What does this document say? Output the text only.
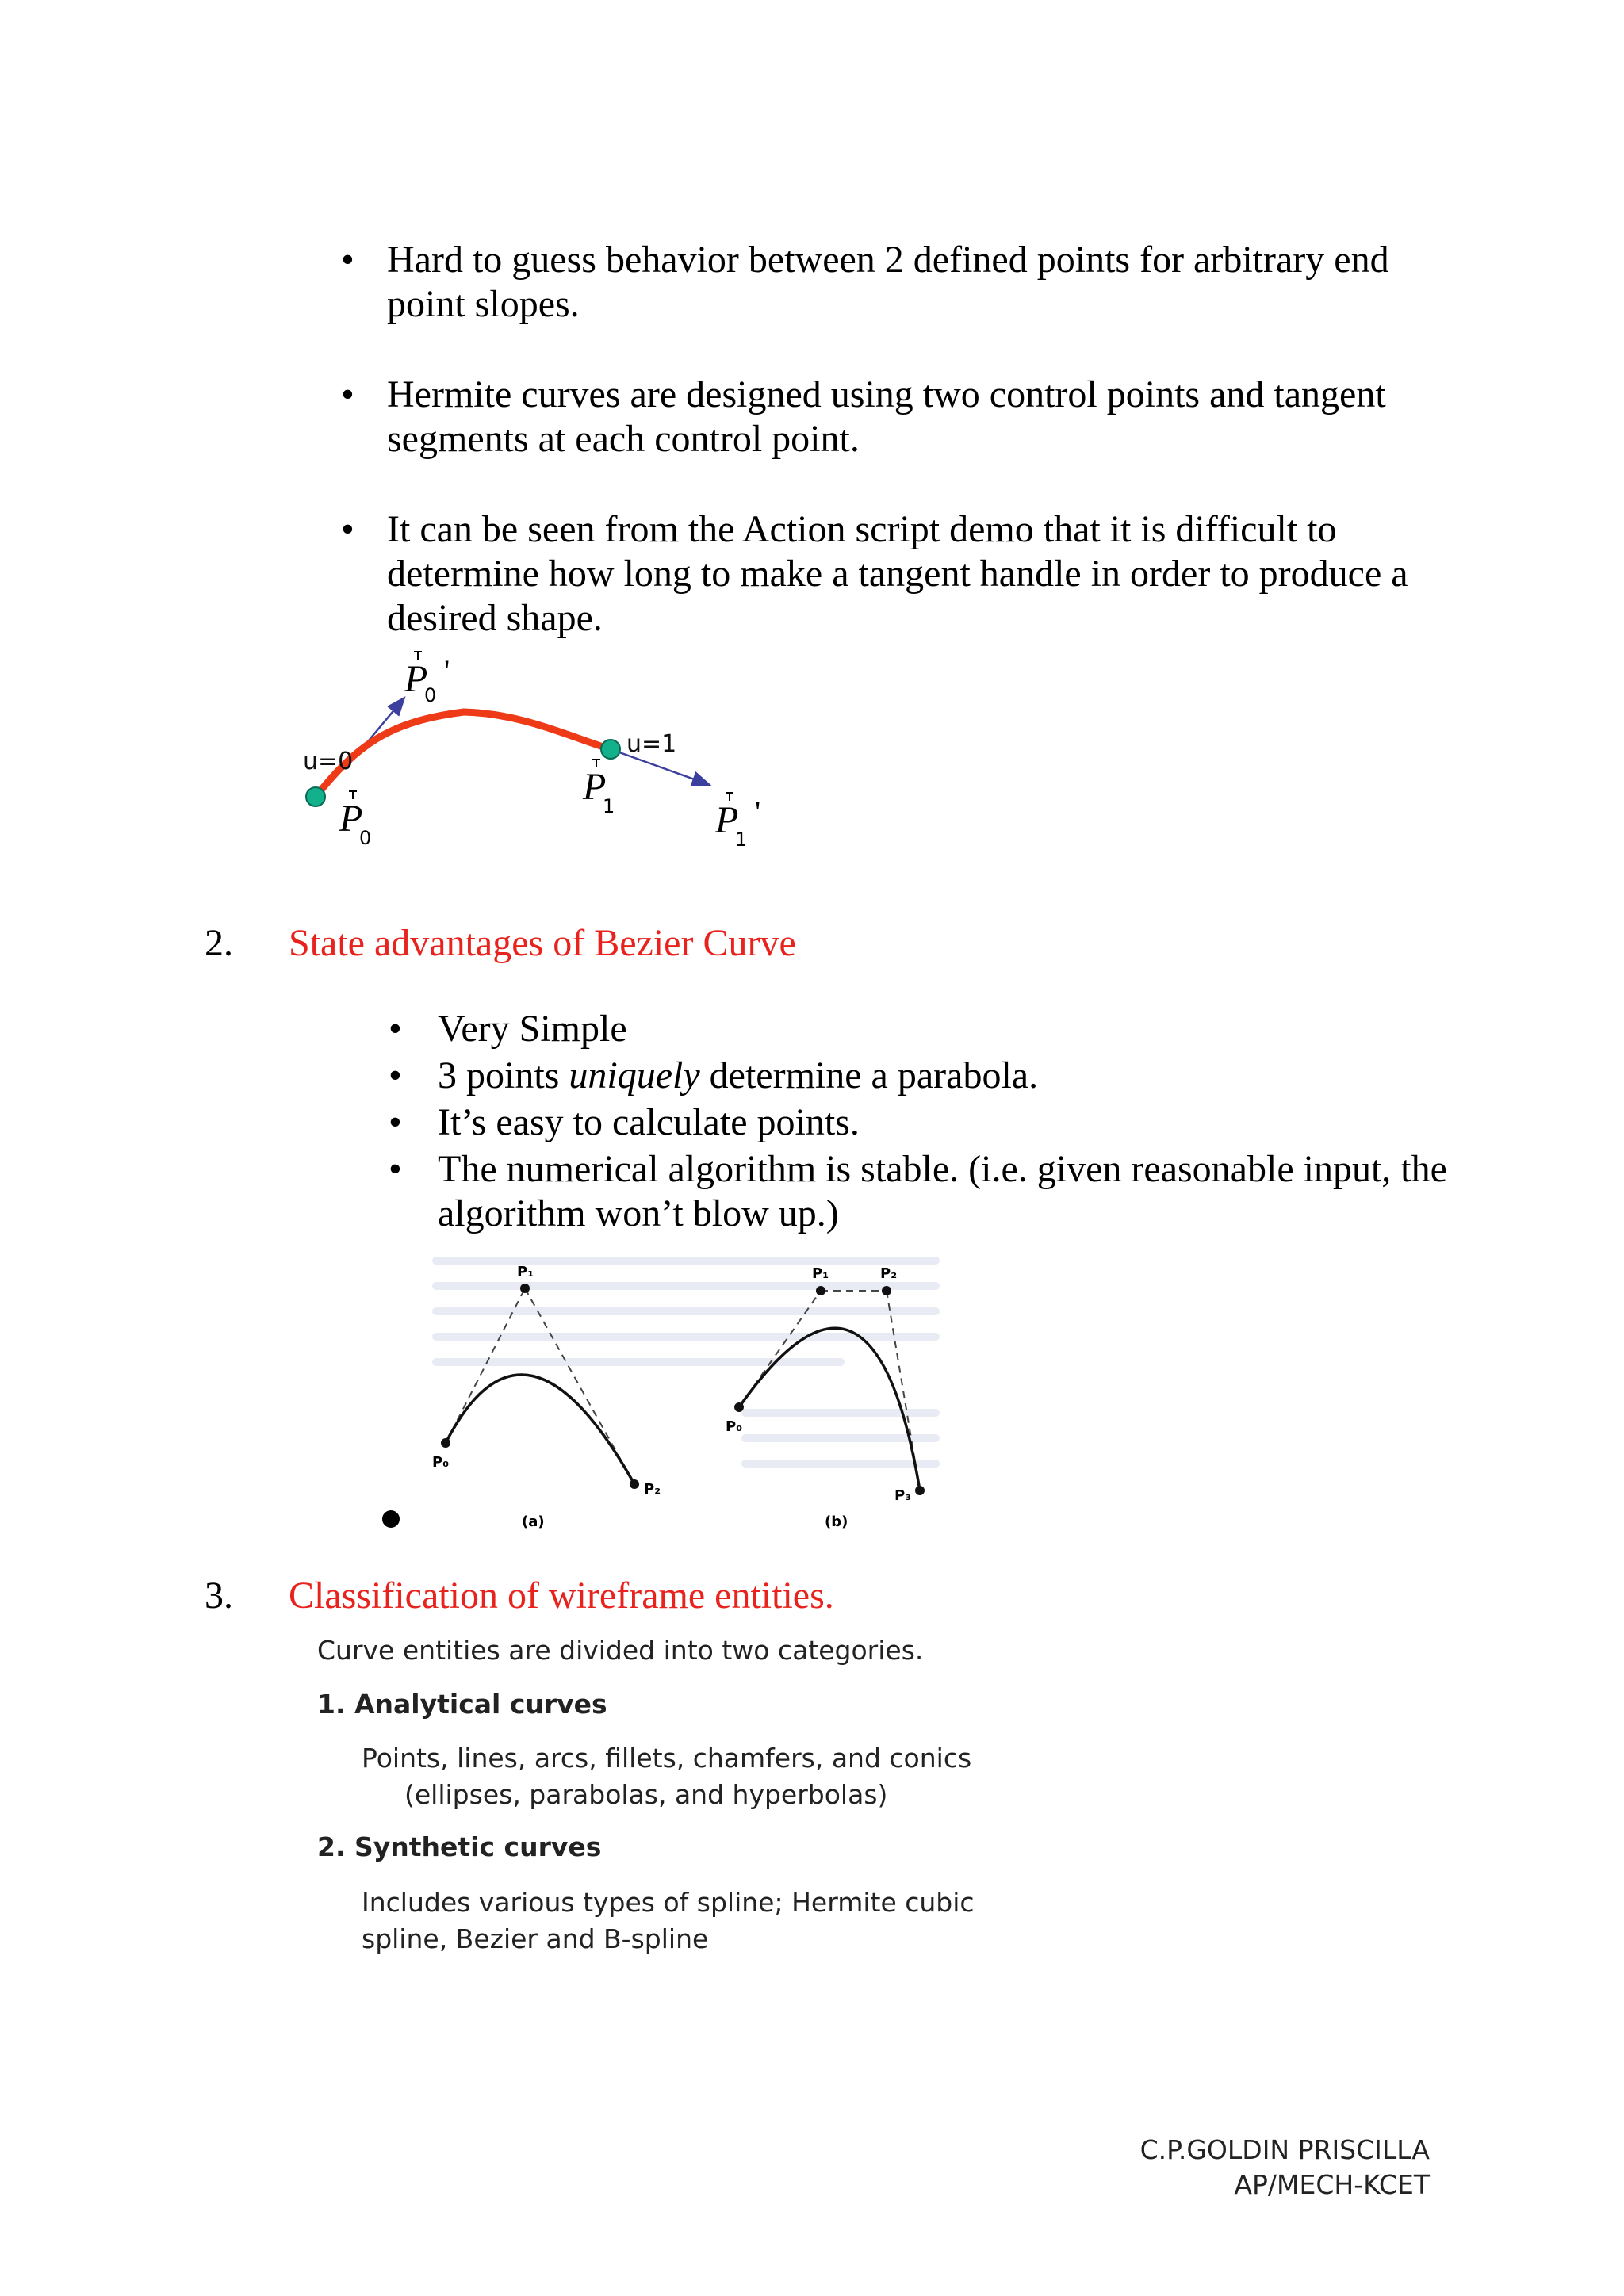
• Hard to guess behavior between 2 defined points for arbitrary end point slopes.
• Hermite curves are designed using two control points and tangent segments at each control point.
• It can be seen from the Action script demo that it is difficult to determine how long to make a tangent handle in order to produce a desired shape.
u=0
u=1
P
0
'
P
0
P
1	P
1
'
2. State advantages of Bezier Curve
• Very Simple
• 3 points uniquely determine a parabola.
• It’s easy to calculate points.
• The numerical algorithm is stable. (i.e. given reasonable input, the algorithm won’t blow up.)
P₁
P₀
P₂
(a)
P₁	P₂
P₀
P₃
(b)
3. Classification of wireframe entities.
Curve entities are divided into two categories.
1. Analytical curves
Points, lines, arcs, fillets, chamfers, and conics
(ellipses, parabolas, and hyperbolas)
2. Synthetic curves
Includes various types of spline; Hermite cubic
spline, Bezier and B-spline
C.P.GOLDIN PRISCILLA
AP/MECH-KCET
